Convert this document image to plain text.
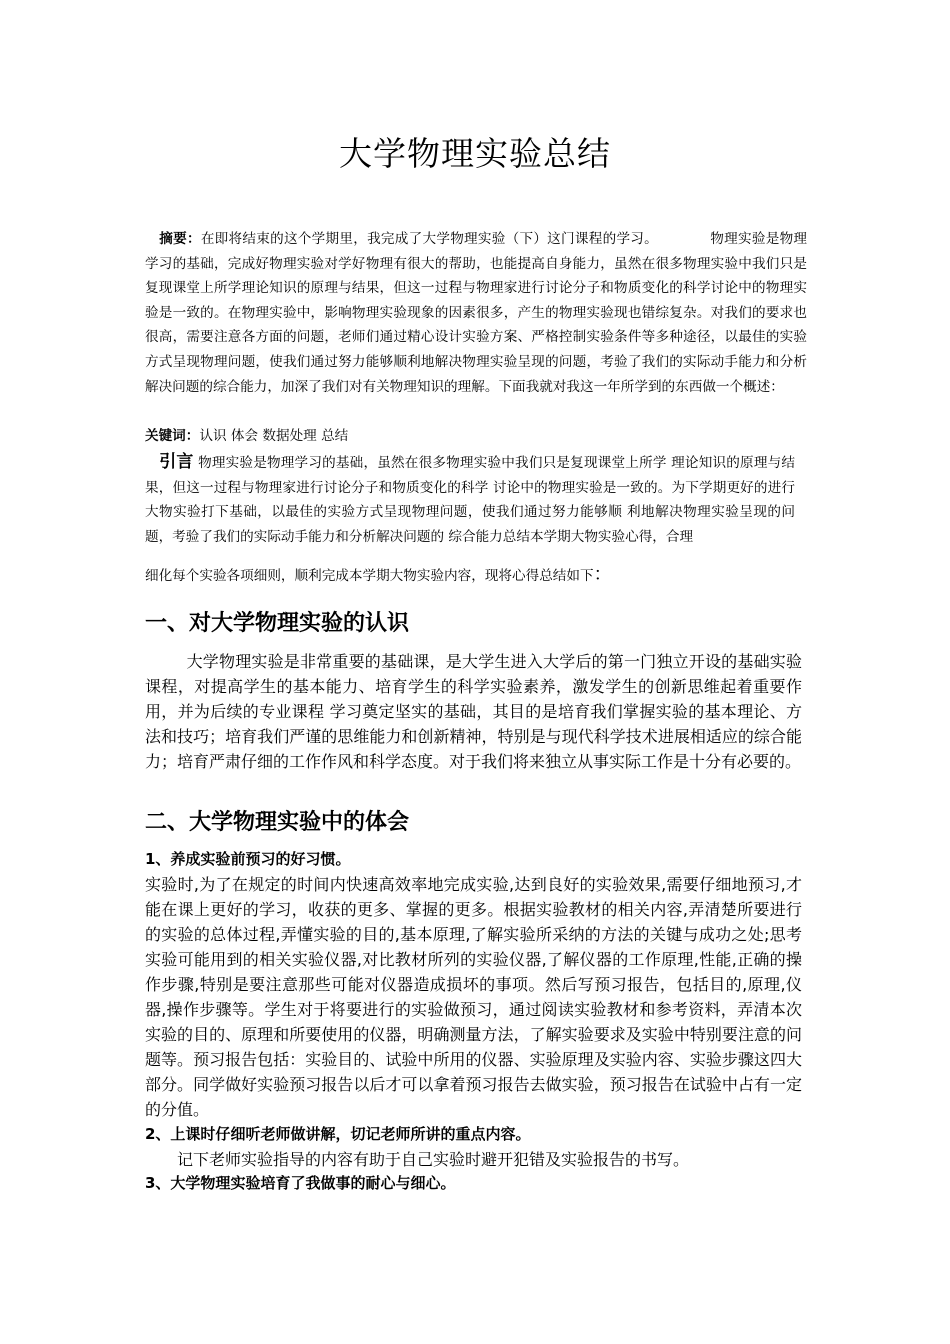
大学物理实验总结
摘要：在即将结束的这个学期里，我完成了大学物理实验（下）这门课程的学习。	物理实验是物理学习的基础，完成好物理实验对学好物理有很大的帮助，也能提高自身能力，虽然在很多物理实验中我们只是复现课堂上所学理论知识的原理与结果，但这一过程与物理家进行讨论分子和物质变化的科学讨论中的物理实验是一致的。在物理实验中，影响物理实验现象的因素很多，产生的物理实验现也错综复杂。对我们的要求也很高，需要注意各方面的问题，老师们通过精心设计实验方案、严格控制实验条件等多种途径，以最佳的实验方式呈现物理问题，使我们通过努力能够顺利地解决物理实验呈现的问题，考验了我们的实际动手能力和分析解决问题的综合能力，加深了我们对有关物理知识的理解。下面我就对我这一年所学到的东西做一个概述：
关键词：认识 体会 数据处理 总结
引言 物理实验是物理学习的基础，虽然在很多物理实验中我们只是复现课堂上所学 理论知识的原理与结果，但这一过程与物理家进行讨论分子和物质变化的科学 讨论中的物理实验是一致的。为下学期更好的进行大物实验打下基础，以最佳的实验方式呈现物理问题，使我们通过努力能够顺 利地解决物理实验呈现的问题，考验了我们的实际动手能力和分析解决问题的 综合能力总结本学期大物实验心得，合理
细化每个实验各项细则，顺利完成本学期大物实验内容，现将心得总结如下：
一、对大学物理实验的认识
大学物理实验是非常重要的基础课，是大学生进入大学后的第一门独立开设的基础实验课程，对提高学生的基本能力、培育学生的科学实验素养，激发学生的创新思维起着重要作用，并为后续的专业课程 学习奠定坚实的基础，其目的是培育我们掌握实验的基本理论、方法和技巧；培育我们严谨的思维能力和创新精神，特别是与现代科学技术进展相适应的综合能力；培育严肃仔细的工作作风和科学态度。对于我们将来独立从事实际工作是十分有必要的。
二、大学物理实验中的体会
1、养成实验前预习的好习惯。
实验时,为了在规定的时间内快速高效率地完成实验,达到良好的实验效果,需要仔细地预习,才能在课上更好的学习，收获的更多、掌握的更多。根据实验教材的相关内容,弄清楚所要进行的实验的总体过程,弄懂实验的目的,基本原理,了解实验所采纳的方法的关键与成功之处;思考实验可能用到的相关实验仪器,对比教材所列的实验仪器,了解仪器的工作原理,性能,正确的操作步骤,特别是要注意那些可能对仪器造成损坏的事项。然后写预习报告，包括目的,原理,仪器,操作步骤等。学生对于将要进行的实验做预习，通过阅读实验教材和参考资料，弄清本次实验的目的、原理和所要使用的仪器，明确测量方法，了解实验要求及实验中特别要注意的问题等。预习报告包括：实验目的、试验中所用的仪器、实验原理及实验内容、实验步骤这四大部分。同学做好实验预习报告以后才可以拿着预习报告去做实验，预习报告在试验中占有一定的分值。
2、上课时仔细听老师做讲解，切记老师所讲的重点内容。
记下老师实验指导的内容有助于自己实验时避开犯错及实验报告的书写。
3、大学物理实验培育了我做事的耐心与细心。
